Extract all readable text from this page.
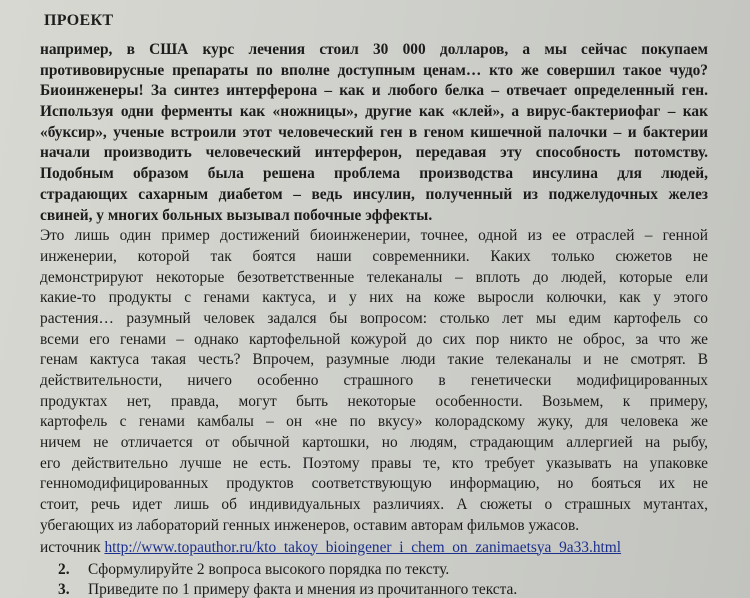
ПРОЕКТ
например, в США курс лечения стоил 30 000 долларов, а мы сейчас покупаем
противовирусные препараты по вполне доступным ценам… кто же совершил такое чудо?
Биоинженеры! За синтез интерферона – как и любого белка – отвечает определенный ген.
Используя одни ферменты как «ножницы», другие как «клей», а вирус-бактериофаг – как
«буксир», ученые встроили этот человеческий ген в геном кишечной палочки – и бактерии
начали производить человеческий интерферон, передавая эту способность потомству.
Подобным образом была решена проблема производства инсулина для людей,
страдающих сахарным диабетом – ведь инсулин, полученный из поджелудочных желез
свиней, у многих больных вызывал побочные эффекты.
Это лишь один пример достижений биоинженерии, точнее, одной из ее отраслей – генной
инженерии, которой так боятся наши современники. Каких только сюжетов не
демонстрируют некоторые безответственные телеканалы – вплоть до людей, которые ели
какие-то продукты с генами кактуса, и у них на коже выросли колючки, как у этого
растения… разумный человек задался бы вопросом: столько лет мы едим картофель со
всеми его генами – однако картофельной кожурой до сих пор никто не оброс, за что же
генам кактуса такая честь? Впрочем, разумные люди такие телеканалы и не смотрят. В
действительности, ничего особенно страшного в генетически модифицированных
продуктах нет, правда, могут быть некоторые особенности. Возьмем, к примеру,
картофель с генами камбалы – он «не по вкусу» колорадскому жуку, для человека же
ничем не отличается от обычной картошки, но людям, страдающим аллергией на рыбу,
его действительно лучше не есть. Поэтому правы те, кто требует указывать на упаковке
генномодифицированных продуктов соответствующую информацию, но бояться их не
стоит, речь идет лишь об индивидуальных различиях. А сюжеты о страшных мутантах,
убегающих из лабораторий генных инженеров, оставим авторам фильмов ужасов.
источник http://www.topauthor.ru/kto_takoy_bioingener_i_chem_on_zanimaetsya_9a33.html
2. Сформулируйте 2 вопроса высокого порядка по тексту.
3. Приведите по 1 примеру факта и мнения из прочитанного текста.
